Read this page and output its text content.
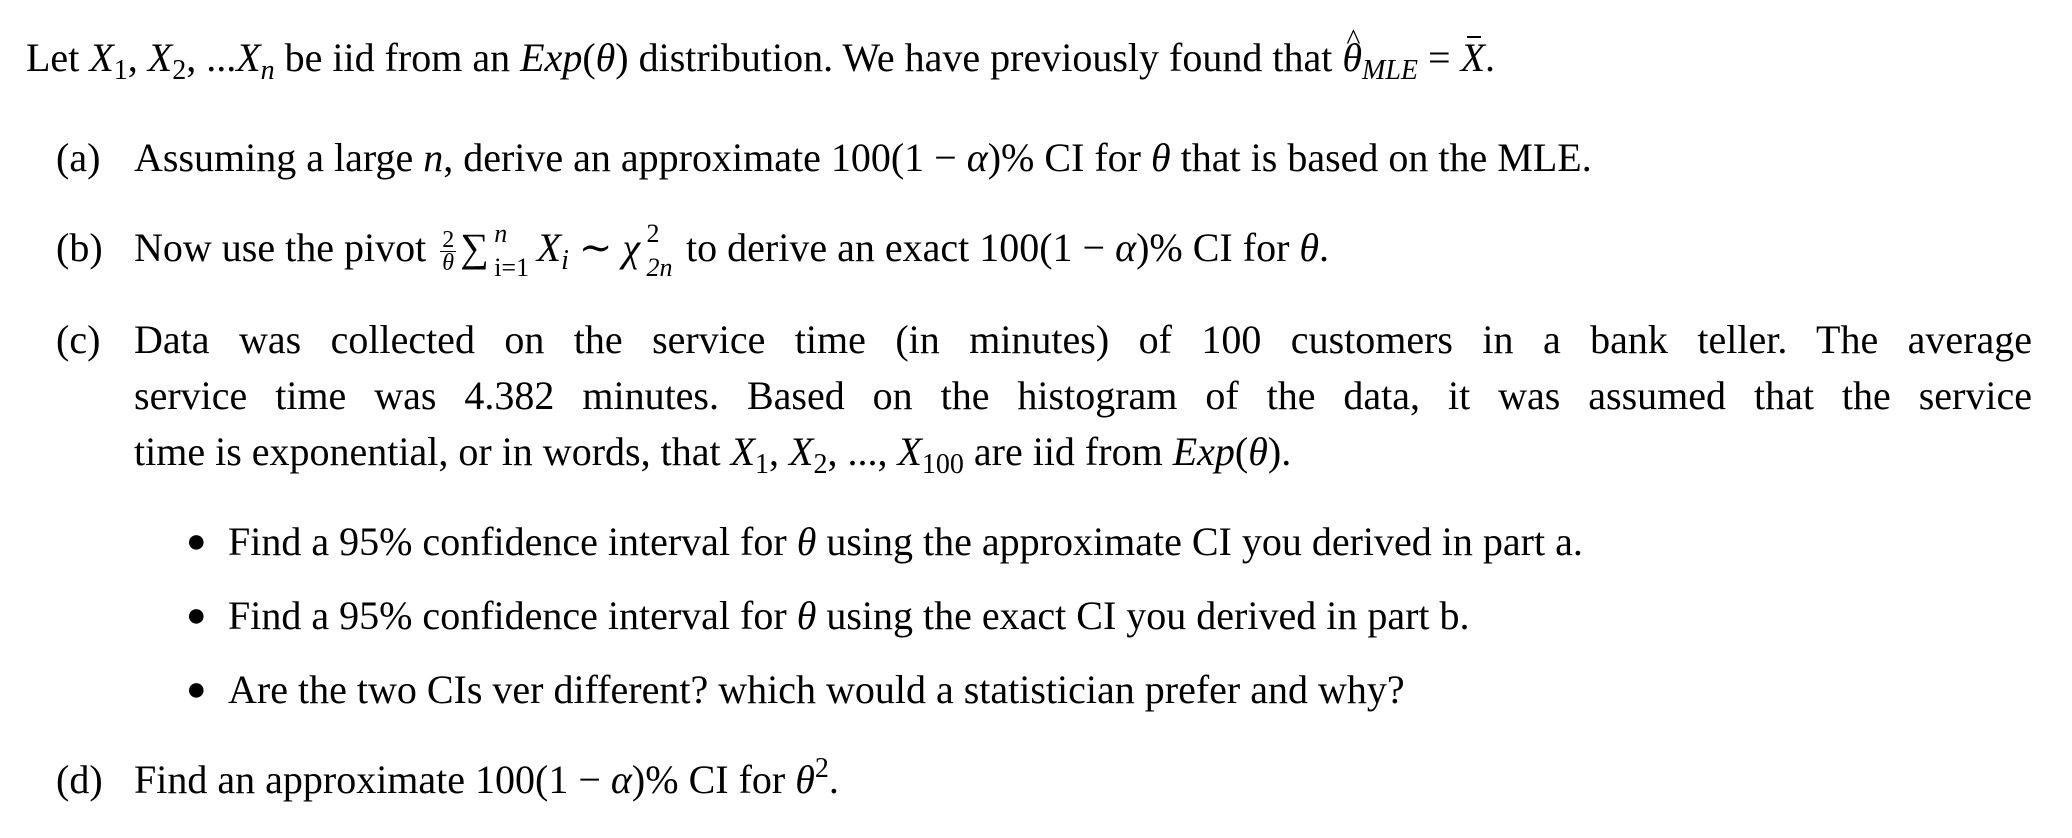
Let $X_1$, $X_2$, $...X_n$ be iid from an Exp(θ) distribution. We have previously found that ^ $\theta_{MLE} = X$.
(a) Assuming a large n, derive an approximate 100(1 − α)% CI for θ that is based on the MLE.
(b) Now use the pivot $\frac{2}{\theta}$ ∑ n
i=1 $X_i$ ∼ χ 2
2n to derive an exact 100(1 − α)% CI for θ.
(c) Data was collected on the service time (in minutes) of 100 customers in a bank teller. The average
service time was 4.382 minutes. Based on the histogram of the data, it was assumed that the service
time is exponential, or in words, that $X_1$, $X_2$, ..., $X_{100}$ are iid from Exp(θ).
● Find a 95% confidence interval for θ using the approximate CI you derived in part a.
● Find a 95% confidence interval for θ using the exact CI you derived in part b.
● Are the two CIs ver different? which would a statistician prefer and why?
(d) Find an approximate 100(1 − α)% CI for $\theta^2$.
